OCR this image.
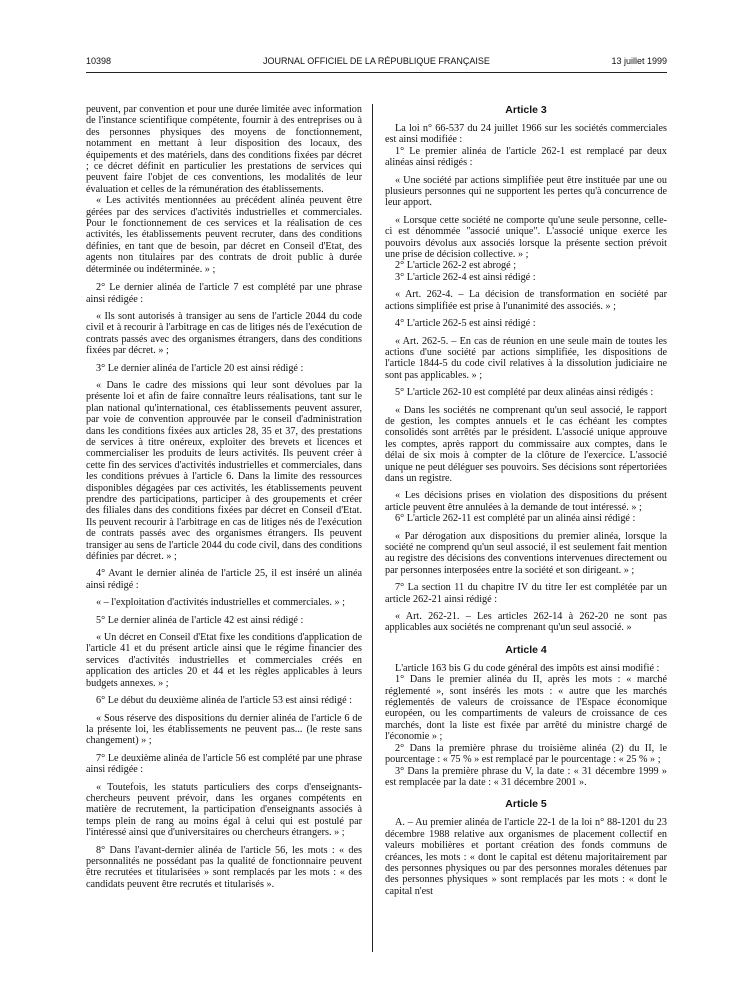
10398	JOURNAL OFFICIEL DE LA RÉPUBLIQUE FRANÇAISE	13 juillet 1999

peuvent, par convention et pour une durée limitée avec information de l'instance scientifique compétente, fournir à des entreprises ou à des personnes physiques des moyens de fonctionnement, notamment en mettant à leur disposition des locaux, des équipements et des matériels, dans des conditions fixées par décret ; ce décret définit en particulier les prestations de services qui peuvent faire l'objet de ces conventions, les modalités de leur évaluation et celles de la rémunération des établissements.

« Les activités mentionnées au précédent alinéa peuvent être gérées par des services d'activités industrielles et commerciales. Pour le fonctionnement de ces services et la réalisation de ces activités, les établissements peuvent recruter, dans des conditions définies, en tant que de besoin, par décret en Conseil d'Etat, des agents non titulaires par des contrats de droit public à durée déterminée ou indéterminée. » ;

2° Le dernier alinéa de l'article 7 est complété par une phrase ainsi rédigée :

« Ils sont autorisés à transiger au sens de l'article 2044 du code civil et à recourir à l'arbitrage en cas de litiges nés de l'exécution de contrats passés avec des organismes étrangers, dans des conditions fixées par décret. » ;

3° Le dernier alinéa de l'article 20 est ainsi rédigé :

« Dans le cadre des missions qui leur sont dévolues par la présente loi et afin de faire connaître leurs réalisations, tant sur le plan national qu'international, ces établissements peuvent assurer, par voie de convention approuvée par le conseil d'administration dans les conditions fixées aux articles 28, 35 et 37, des prestations de services à titre onéreux, exploiter des brevets et licences et commercialiser les produits de leurs activités. Ils peuvent créer à cette fin des services d'activités industrielles et commerciales, dans les conditions prévues à l'article 6. Dans la limite des ressources disponibles dégagées par ces activités, les établissements peuvent prendre des participations, participer à des groupements et créer des filiales dans des conditions fixées par décret en Conseil d'Etat. Ils peuvent recourir à l'arbitrage en cas de litiges nés de l'exécution de contrats passés avec des organismes étrangers. Ils peuvent transiger au sens de l'article 2044 du code civil, dans des conditions définies par décret. » ;

4° Avant le dernier alinéa de l'article 25, il est inséré un alinéa ainsi rédigé :

« – l'exploitation d'activités industrielles et commerciales. » ;

5° Le dernier alinéa de l'article 42 est ainsi rédigé :

« Un décret en Conseil d'Etat fixe les conditions d'application de l'article 41 et du présent article ainsi que le régime financier des services d'activités industrielles et commerciales créés en application des articles 20 et 44 et les règles applicables à leurs budgets annexes. » ;

6° Le début du deuxième alinéa de l'article 53 est ainsi rédigé :

« Sous réserve des dispositions du dernier alinéa de l'article 6 de la présente loi, les établissements ne peuvent pas... (le reste sans changement) » ;

7° Le deuxième alinéa de l'article 56 est complété par une phrase ainsi rédigée :

« Toutefois, les statuts particuliers des corps d'enseignants-chercheurs peuvent prévoir, dans les organes compétents en matière de recrutement, la participation d'enseignants associés à temps plein de rang au moins égal à celui qui est postulé par l'intéressé ainsi que d'universitaires ou chercheurs étrangers. » ;

8° Dans l'avant-dernier alinéa de l'article 56, les mots : « des personnalités ne possédant pas la qualité de fonctionnaire peuvent être recrutées et titularisées » sont remplacés par les mots : « des candidats peuvent être recrutés et titularisés ».

Article 3

La loi n° 66-537 du 24 juillet 1966 sur les sociétés commerciales est ainsi modifiée :

1° Le premier alinéa de l'article 262-1 est remplacé par deux alinéas ainsi rédigés :

« Une société par actions simplifiée peut être instituée par une ou plusieurs personnes qui ne supportent les pertes qu'à concurrence de leur apport.

« Lorsque cette société ne comporte qu'une seule personne, celle-ci est dénommée "associé unique". L'associé unique exerce les pouvoirs dévolus aux associés lorsque la présente section prévoit une prise de décision collective. » ;

2° L'article 262-2 est abrogé ;

3° L'article 262-4 est ainsi rédigé :

« Art. 262-4. – La décision de transformation en société par actions simplifiée est prise à l'unanimité des associés. » ;

4° L'article 262-5 est ainsi rédigé :

« Art. 262-5. – En cas de réunion en une seule main de toutes les actions d'une société par actions simplifiée, les dispositions de l'article 1844-5 du code civil relatives à la dissolution judiciaire ne sont pas applicables. » ;

5° L'article 262-10 est complété par deux alinéas ainsi rédigés :

« Dans les sociétés ne comprenant qu'un seul associé, le rapport de gestion, les comptes annuels et le cas échéant les comptes consolidés sont arrêtés par le président. L'associé unique approuve les comptes, après rapport du commissaire aux comptes, dans le délai de six mois à compter de la clôture de l'exercice. L'associé unique ne peut déléguer ses pouvoirs. Ses décisions sont répertoriées dans un registre.

« Les décisions prises en violation des dispositions du présent article peuvent être annulées à la demande de tout intéressé. » ;

6° L'article 262-11 est complété par un alinéa ainsi rédigé :

« Par dérogation aux dispositions du premier alinéa, lorsque la société ne comprend qu'un seul associé, il est seulement fait mention au registre des décisions des conventions intervenues directement ou par personnes interposées entre la société et son dirigeant. » ;

7° La section 11 du chapitre IV du titre Ier est complétée par un article 262-21 ainsi rédigé :

« Art. 262-21. – Les articles 262-14 à 262-20 ne sont pas applicables aux sociétés ne comprenant qu'un seul associé. »

Article 4

L'article 163 bis G du code général des impôts est ainsi modifié :

1° Dans le premier alinéa du II, après les mots : « marché réglementé », sont insérés les mots : « autre que les marchés réglementés de valeurs de croissance de l'Espace économique européen, ou les compartiments de valeurs de croissance de ces marchés, dont la liste est fixée par arrêté du ministre chargé de l'économie » ;

2° Dans la première phrase du troisième alinéa (2) du II, le pourcentage : « 75 % » est remplacé par le pourcentage : « 25 % » ;

3° Dans la première phrase du V, la date : « 31 décembre 1999 » est remplacée par la date : « 31 décembre 2001 ».

Article 5

A. – Au premier alinéa de l'article 22-1 de la loi n° 88-1201 du 23 décembre 1988 relative aux organismes de placement collectif en valeurs mobilières et portant création des fonds communs de créances, les mots : « dont le capital est détenu majoritairement par des personnes physiques ou par des personnes morales détenues par des personnes physiques » sont remplacés par les mots : « dont le capital n'est
